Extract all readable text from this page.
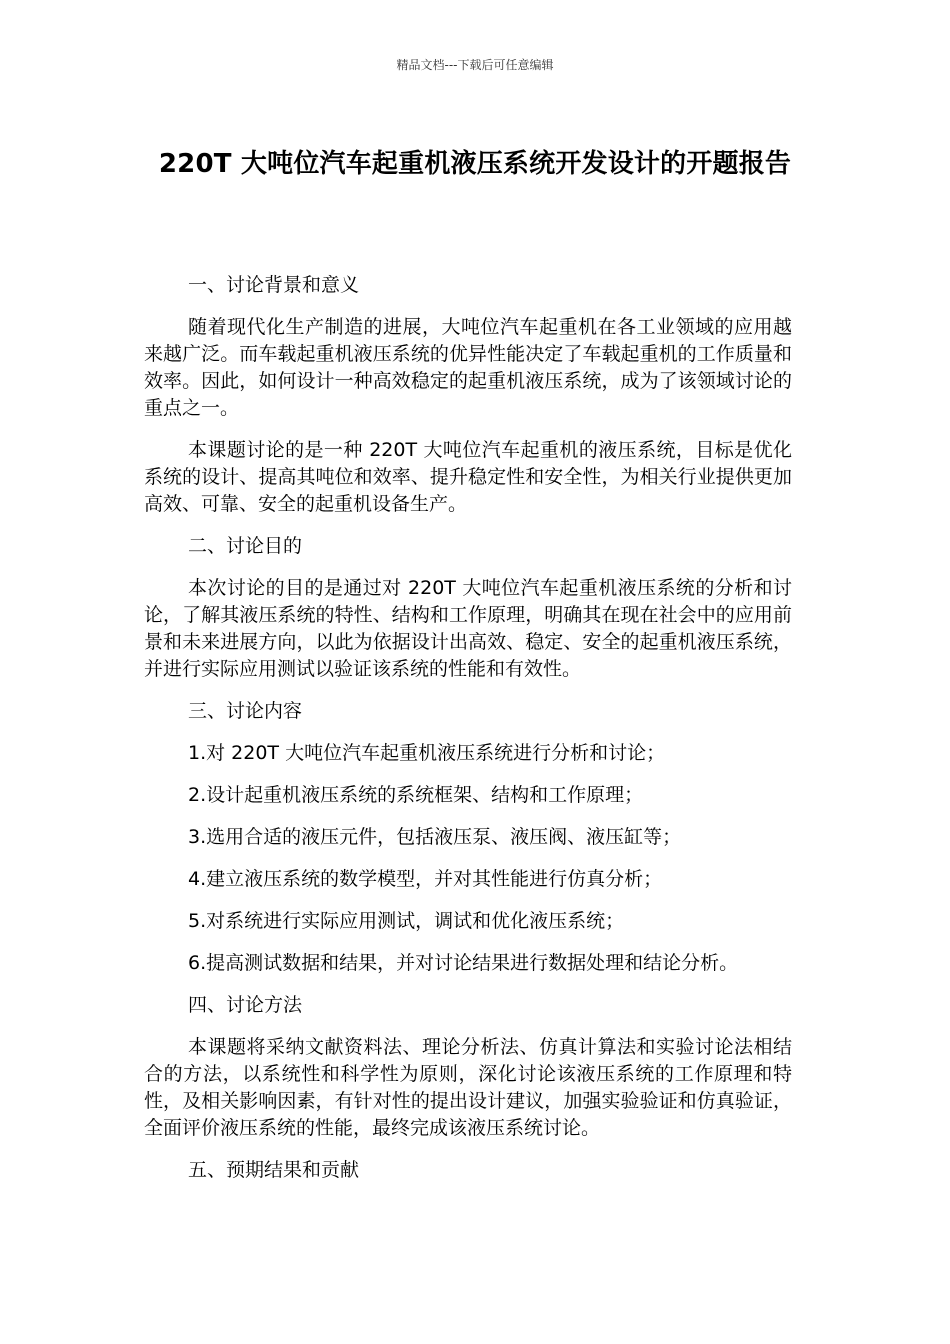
精品文档---下载后可任意编辑
220T 大吨位汽车起重机液压系统开发设计的开题报告
一、讨论背景和意义
随着现代化生产制造的进展，大吨位汽车起重机在各工业领域的应用越来越广泛。而车载起重机液压系统的优异性能决定了车载起重机的工作质量和效率。因此，如何设计一种高效稳定的起重机液压系统，成为了该领域讨论的重点之一。
本课题讨论的是一种 220T 大吨位汽车起重机的液压系统，目标是优化系统的设计、提高其吨位和效率、提升稳定性和安全性，为相关行业提供更加高效、可靠、安全的起重机设备生产。
二、讨论目的
本次讨论的目的是通过对 220T 大吨位汽车起重机液压系统的分析和讨论，了解其液压系统的特性、结构和工作原理，明确其在现在社会中的应用前景和未来进展方向，以此为依据设计出高效、稳定、安全的起重机液压系统，并进行实际应用测试以验证该系统的性能和有效性。
三、讨论内容
1.对 220T 大吨位汽车起重机液压系统进行分析和讨论；
2.设计起重机液压系统的系统框架、结构和工作原理；
3.选用合适的液压元件，包括液压泵、液压阀、液压缸等；
4.建立液压系统的数学模型，并对其性能进行仿真分析；
5.对系统进行实际应用测试，调试和优化液压系统；
6.提高测试数据和结果，并对讨论结果进行数据处理和结论分析。
四、讨论方法
本课题将采纳文献资料法、理论分析法、仿真计算法和实验讨论法相结合的方法，以系统性和科学性为原则，深化讨论该液压系统的工作原理和特性，及相关影响因素，有针对性的提出设计建议，加强实验验证和仿真验证，全面评价液压系统的性能，最终完成该液压系统讨论。
五、预期结果和贡献
